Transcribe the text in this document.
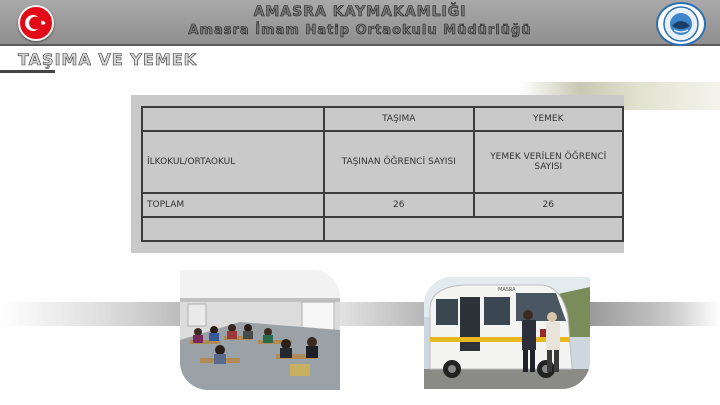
AMASRA KAYMAKAMLIĞI
Amasra İmam Hatip Ortaokulu Müdürlüğü
TAŞIMA VE YEMEK
	TAŞIMA	YEMEK
İLKOKUL/ORTAOKUL	TAŞINAN ÖĞRENCİ SAYISI	YEMEK VERİLEN ÖĞRENCİ SAYISI
TOPLAM	26	26

MASRA
